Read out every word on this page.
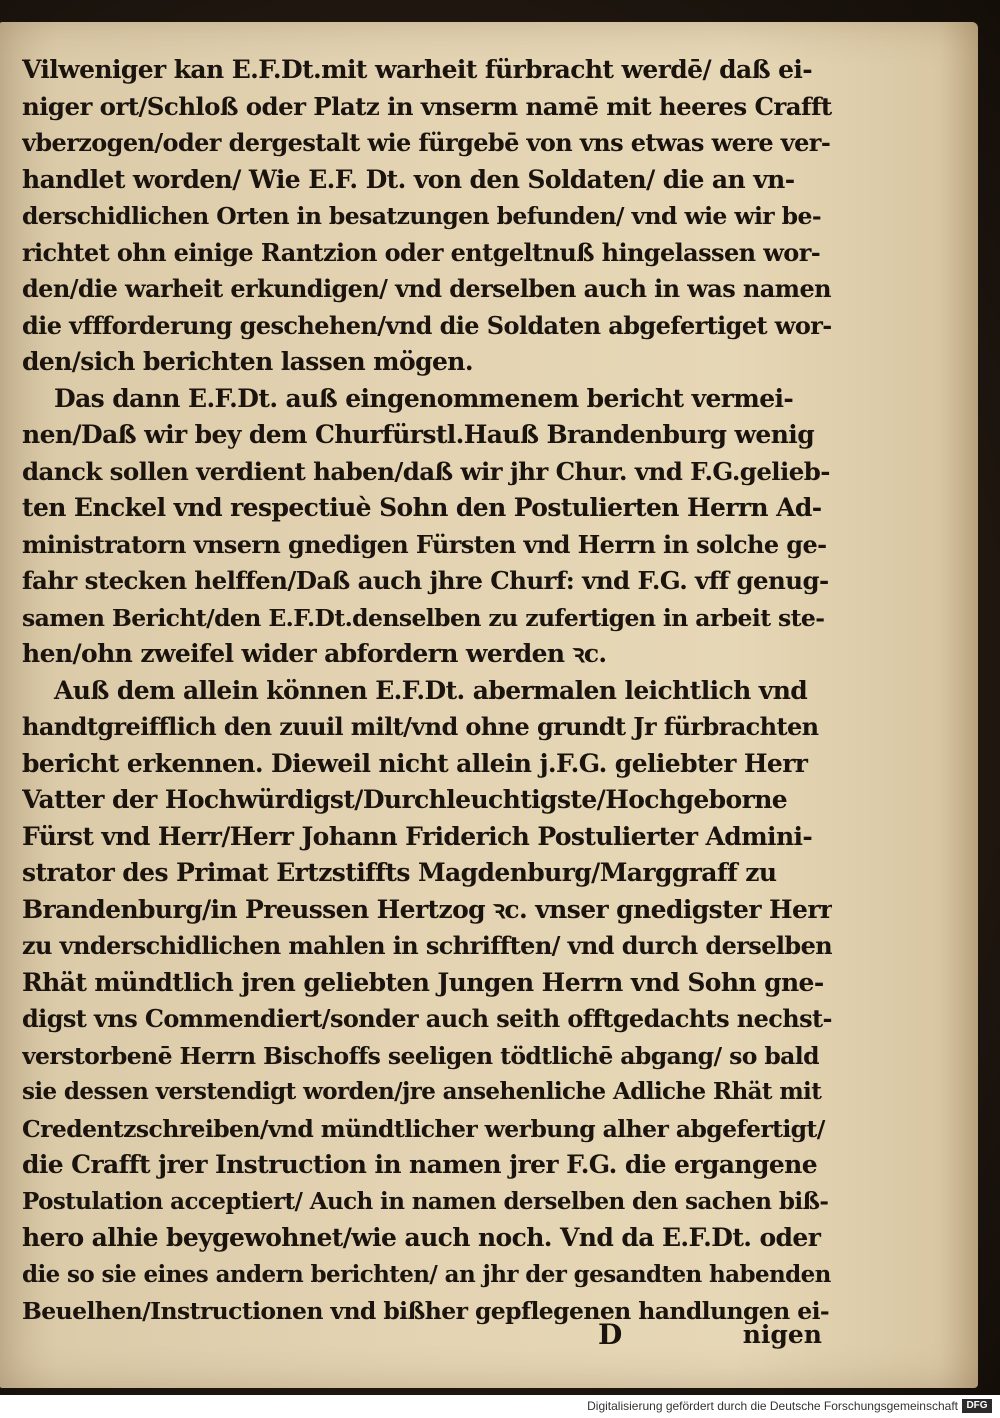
Vilweniger kan E.F.Dt.mit warheit fürbracht werdē/ daß ei-
niger ort/Schloß oder Platz in vnserm namē mit heeres Crafft
vberzogen/oder dergestalt wie fürgebē von vns etwas were ver-
handlet worden/ Wie E.F. Dt. von den Soldaten/ die an vn-
derschidlichen Orten in besatzungen befunden/ vnd wie wir be-
richtet ohn einige Rantzion oder entgeltnuß hingelassen wor-
den/die warheit erkundigen/ vnd derselben auch in was namen
die vffforderung geschehen/vnd die Soldaten abgefertiget wor-
den/sich berichten lassen mögen.
Das dann E.F.Dt. auß eingenommenem bericht vermei-
nen/Daß wir bey dem Churfürstl.Hauß Brandenburg wenig
danck sollen verdient haben/daß wir jhr Chur. vnd F.G.gelieb-
ten Enckel vnd respectiuè Sohn den Postulierten Herrn Ad-
ministratorn vnsern gnedigen Fürsten vnd Herrn in solche ge-
fahr stecken helffen/Daß auch jhre Churf: vnd F.G. vff genug-
samen Bericht/den E.F.Dt.denselben zu zufertigen in arbeit ste-
hen/ohn zweifel wider abfordern werden ꝛc.
Auß dem allein können E.F.Dt. abermalen leichtlich vnd
handtgreifflich den zuuil milt/vnd ohne grundt Jr fürbrachten
bericht erkennen. Dieweil nicht allein j.F.G. geliebter Herr
Vatter der Hochwürdigst/Durchleuchtigste/Hochgeborne
Fürst vnd Herr/Herr Johann Friderich Postulierter Admini-
strator des Primat Ertzstiffts Magdenburg/Marggraff zu
Brandenburg/in Preussen Hertzog ꝛc. vnser gnedigster Herr
zu vnderschidlichen mahlen in schrifften/ vnd durch derselben
Rhät mündtlich jren geliebten Jungen Herrn vnd Sohn gne-
digst vns Commendiert/sonder auch seith offtgedachts nechst-
verstorbenē Herrn Bischoffs seeligen tödtlichē abgang/ so bald
sie dessen verstendigt worden/jre ansehenliche Adliche Rhät mit
Credentzschreiben/vnd mündtlicher werbung alher abgefertigt/
die Crafft jrer Instruction in namen jrer F.G. die ergangene
Postulation acceptiert/ Auch in namen derselben den sachen biß-
hero alhie beygewohnet/wie auch noch. Vnd da E.F.Dt. oder
die so sie eines andern berichten/ an jhr der gesandten habenden
Beuelhen/Instructionen vnd bißher gepflegenen handlungen ei-
D	nigen
Digitalisierung gefördert durch die Deutsche Forschungsgemeinschaft DFG
